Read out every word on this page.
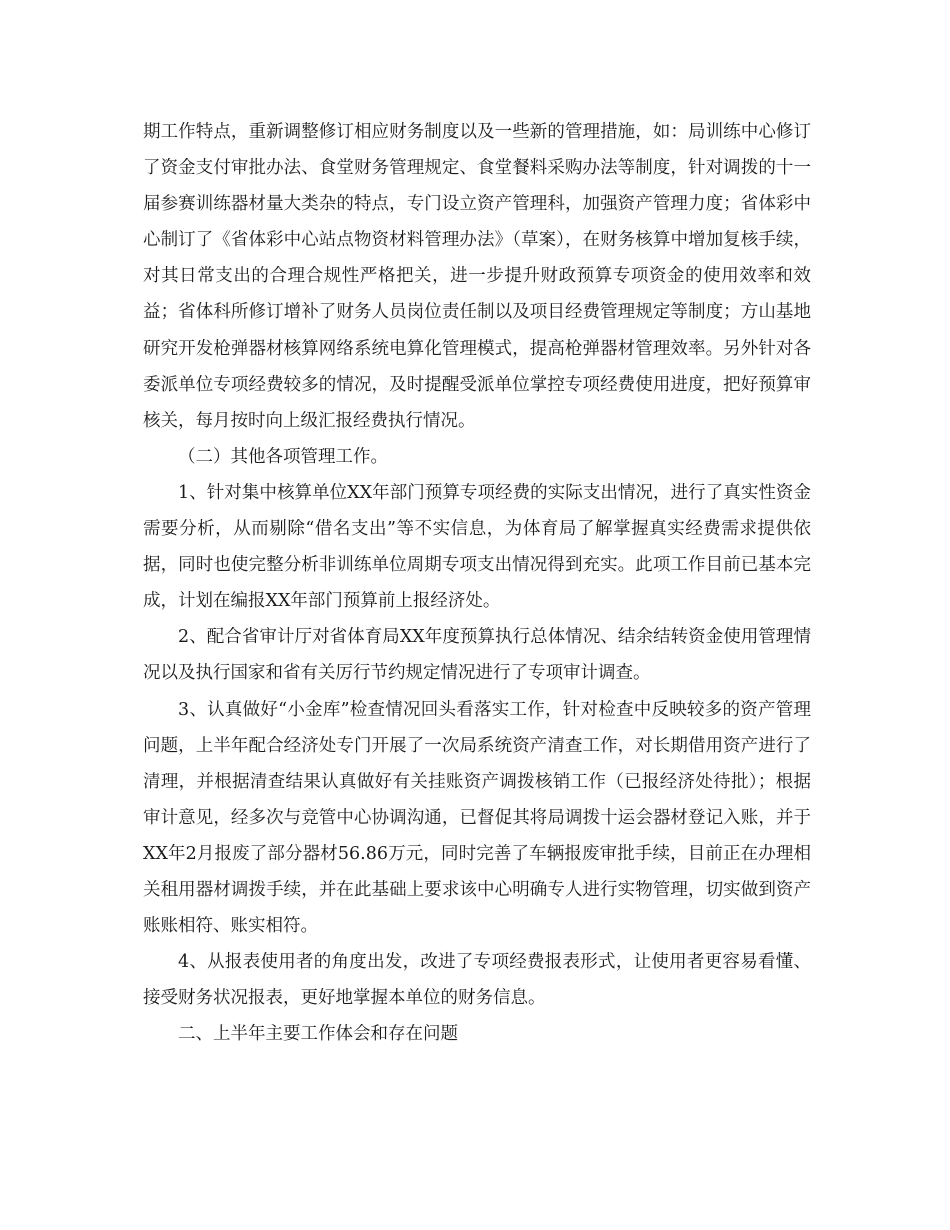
期工作特点，重新调整修订相应财务制度以及一些新的管理措施，如：局训练中心修订了资金支付审批办法、食堂财务管理规定、食堂餐料采购办法等制度，针对调拨的十一届参赛训练器材量大类杂的特点，专门设立资产管理科，加强资产管理力度；省体彩中心制订了《省体彩中心站点物资材料管理办法》（草案），在财务核算中增加复核手续，对其日常支出的合理合规性严格把关，进一步提升财政预算专项资金的使用效率和效益；省体科所修订增补了财务人员岗位责任制以及项目经费管理规定等制度；方山基地研究开发枪弹器材核算网络系统电算化管理模式，提高枪弹器材管理效率。另外针对各委派单位专项经费较多的情况，及时提醒受派单位掌控专项经费使用进度，把好预算审核关，每月按时向上级汇报经费执行情况。

（二）其他各项管理工作。

1、针对集中核算单位XX年部门预算专项经费的实际支出情况，进行了真实性资金需要分析，从而剔除“借名支出”等不实信息，为体育局了解掌握真实经费需求提供依据，同时也使完整分析非训练单位周期专项支出情况得到充实。此项工作目前已基本完成，计划在编报XX年部门预算前上报经济处。

2、配合省审计厅对省体育局XX年度预算执行总体情况、结余结转资金使用管理情况以及执行国家和省有关厉行节约规定情况进行了专项审计调查。

3、认真做好“小金库”检查情况回头看落实工作，针对检查中反映较多的资产管理问题，上半年配合经济处专门开展了一次局系统资产清查工作，对长期借用资产进行了清理，并根据清查结果认真做好有关挂账资产调拨核销工作（已报经济处待批）；根据审计意见，经多次与竞管中心协调沟通，已督促其将局调拨十运会器材登记入账，并于XX年2月报废了部分器材56.86万元，同时完善了车辆报废审批手续，目前正在办理相关租用器材调拨手续，并在此基础上要求该中心明确专人进行实物管理，切实做到资产账账相符、账实相符。

4、从报表使用者的角度出发，改进了专项经费报表形式，让使用者更容易看懂、接受财务状况报表，更好地掌握本单位的财务信息。

二、上半年主要工作体会和存在问题
